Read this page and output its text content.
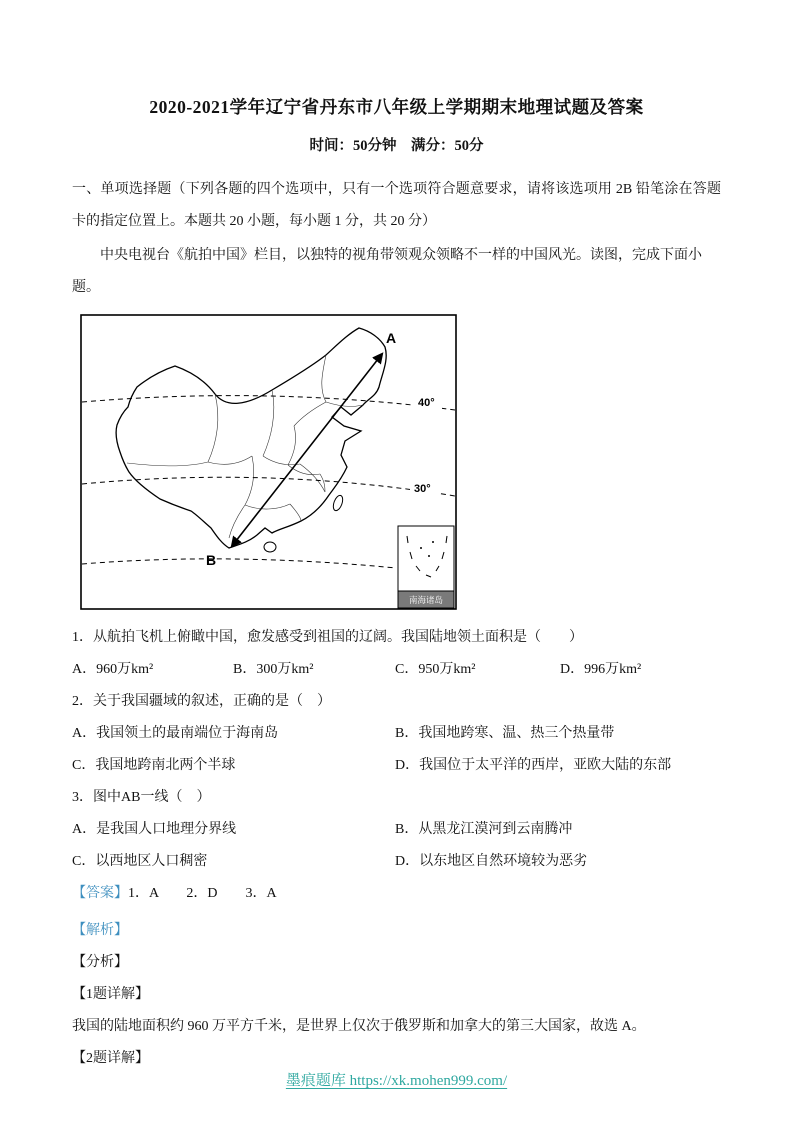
2020-2021学年辽宁省丹东市八年级上学期期末地理试题及答案
时间：50分钟　满分：50分
一、单项选择题（下列各题的四个选项中，只有一个选项符合题意要求，请将该选项用 2B 铅笔涂在答题卡的指定位置上。本题共 20 小题，每小题 1 分，共 20 分）
中央电视台《航拍中国》栏目，以独特的视角带领观众领略不一样的中国风光。读图，完成下面小题。
40°
30°
A
B
南海诸岛
1．从航拍飞机上俯瞰中国，愈发感受到祖国的辽阔。我国陆地领土面积是（　　）
A．960万km²	B．300万km²	C．950万km²	D．996万km²
2．关于我国疆域的叙述，正确的是（　）
A．我国领土的最南端位于海南岛	B．我国地跨寒、温、热三个热量带
C．我国地跨南北两个半球	D．我国位于太平洋的西岸，亚欧大陆的东部
3．图中AB一线（　）
A．是我国人口地理分界线	B．从黑龙江漠河到云南腾冲
C．以西地区人口稠密	D．以东地区自然环境较为恶劣
【答案】1．A　　2．D　　3．A
【解析】
【分析】
【1题详解】
我国的陆地面积约 960 万平方千米，是世界上仅次于俄罗斯和加拿大的第三大国家，故选 A。
【2题详解】
墨痕题库 https://xk.mohen999.com/
